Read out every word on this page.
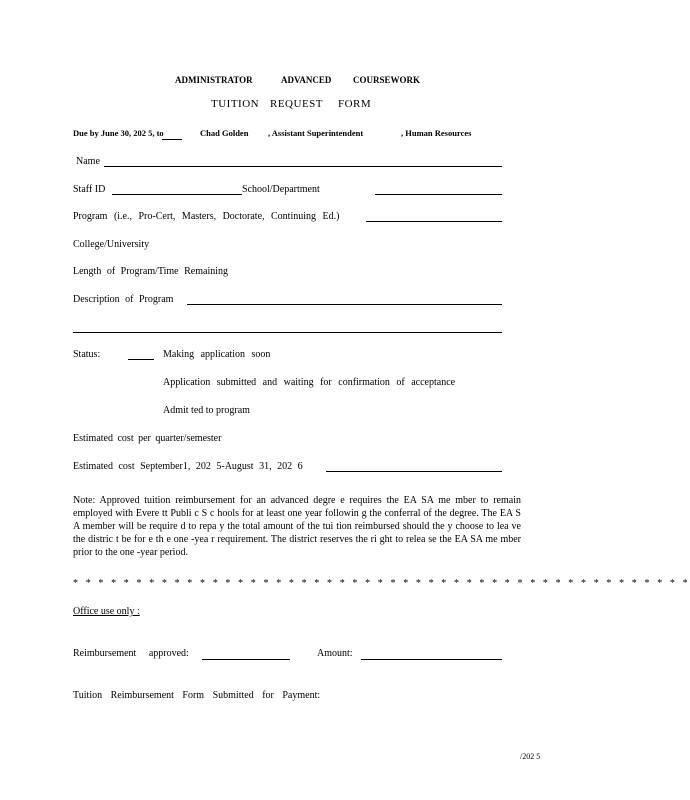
ADMINISTRATOR	ADVANCED COURSEWORK
TUITION REQUEST FORM
Due by June 30, 202 5, to	Chad Golden , Assistant Superintendent	, Human Resources
Name
Staff ID	School/Department
Program (i.e., Pro-Cert, Masters, Doctorate, Continuing Ed.)
College/University
Length of Program/Time Remaining
Description of Program
Status:	Making application soon
Application submitted and waiting for confirmation of acceptance
Admit ted to program
Estimated cost per quarter/semester
Estimated cost September1, 202 5-August 31, 202 6
Note: Approved tuition reimbursement for an advanced degre e requires the EA SA me mber to remain employed with Evere tt Publi c S c hools for at least one year followin g the conferral of the degree. The EA S A member will be require d to repa y the total amount of the tui tion reimbursed should the y choose to lea ve the distric t be for e th e one -yea r requirement. The district reserves the ri ght to relea se the EA SA me mber prior to the one -year period.
* * * * * * * * * * * * * * * * * * * * * * * * * * * * * * * * * * * * * * * * * * * * * * * * *
Office use only :
Reimbursement approved:	Amount:
Tuition Reimbursement Form Submitted for Payment:
/202 5
